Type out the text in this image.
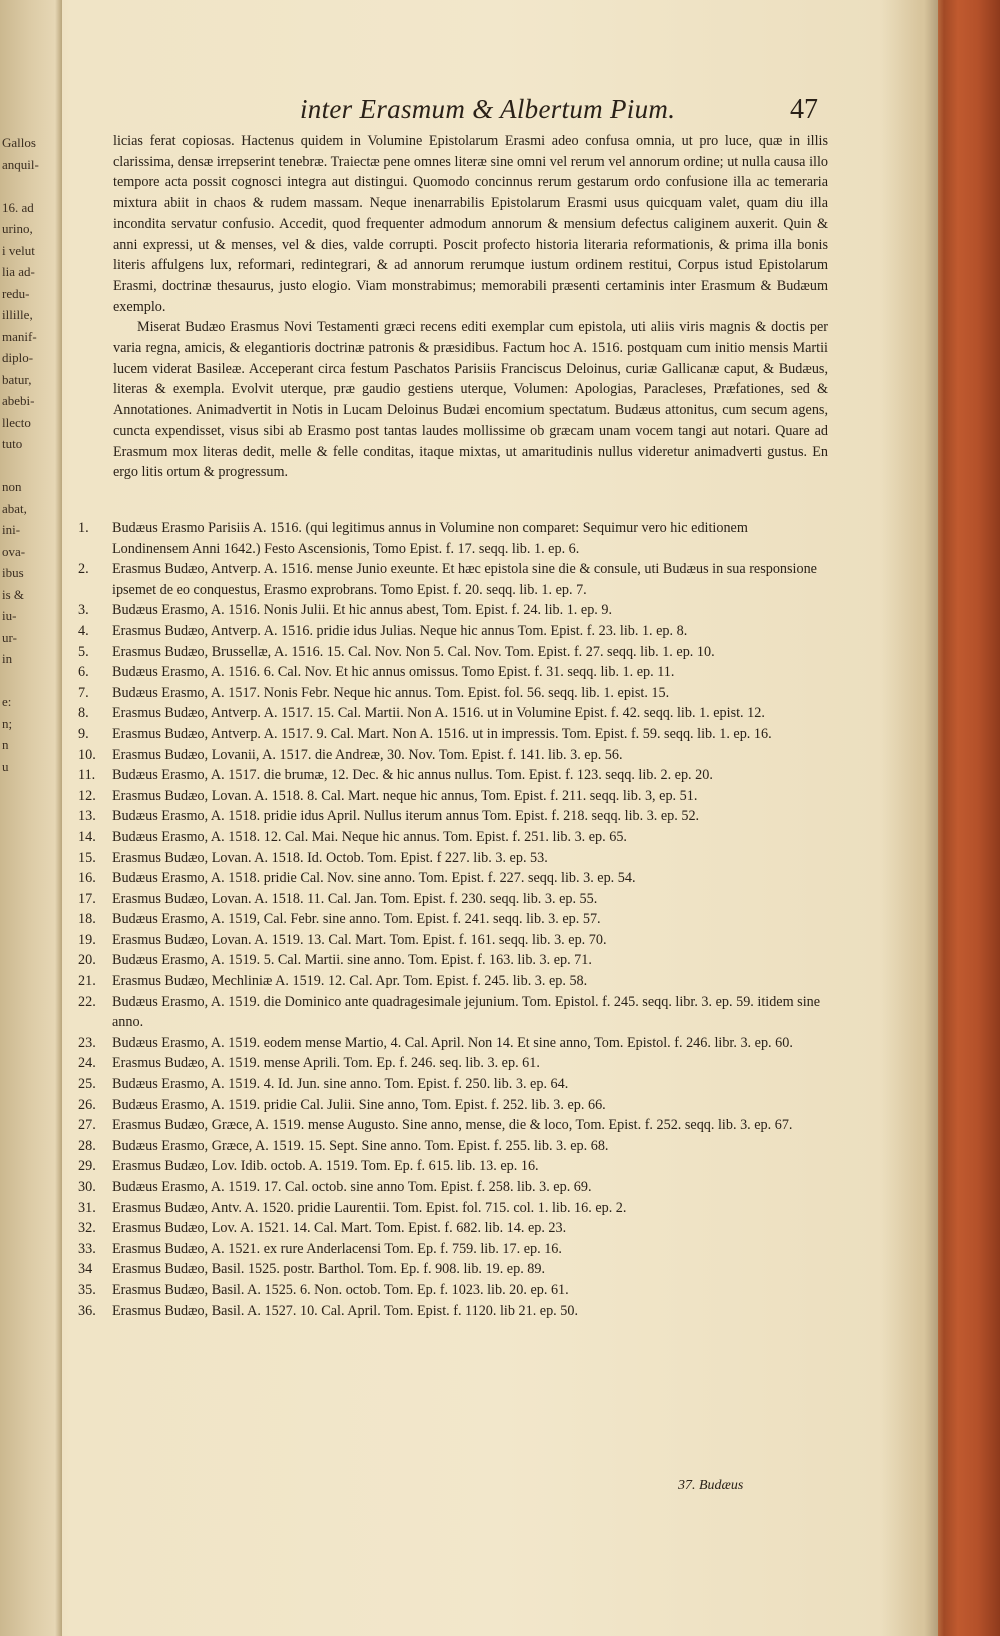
Gallos
anquil-
16. ad
urino,
i velut
lia ad-
redu-
illille,
manif-
diplo-
batur,
abebi-
llecto
tuto
non
abat,
ini-
ova-
ibus
is &
iu-
ur-
in
e:
n;
n
u
inter Erasmum & Albertum Pium.	47

licias ferat copiosas. Hactenus quidem in Volumine Epistolarum Erasmi adeo confusa omnia, ut pro luce, quæ in illis clarissima, densæ irrepserint tenebræ. Traiectæ pene omnes literæ sine omni vel rerum vel annorum ordine; ut nulla causa illo tempore acta possit cognosci integra aut distingui. Quomodo concinnus rerum gestarum ordo confusione illa ac temeraria mixtura abiit in chaos & rudem massam. Neque inenarrabilis Epistolarum Erasmi usus quicquam valet, quam diu illa incondita servatur confusio. Accedit, quod frequenter admodum annorum & mensium defectus caliginem auxerit. Quin & anni expressi, ut & menses, vel & dies, valde corrupti. Poscit profecto historia literaria reformationis, & prima illa bonis literis affulgens lux, reformari, redintegrari, & ad annorum rerumque iustum ordinem restitui, Corpus istud Epistolarum Erasmi, doctrinæ thesaurus, justo elogio. Viam monstrabimus; memorabili præsenti certaminis inter Erasmum & Budæum exemplo.

Miserat Budæo Erasmus Novi Testamenti græci recens editi exemplar cum epistola, uti aliis viris magnis & doctis per varia regna, amicis, & elegantioris doctrinæ patronis & præsidibus. Factum hoc A. 1516. postquam cum initio mensis Martii lucem viderat Basileæ. Acceperant circa festum Paschatos Parisiis Franciscus Deloinus, curiæ Gallicanæ caput, & Budæus, literas & exempla. Evolvit uterque, præ gaudio gestiens uterque, Volumen: Apologias, Paracleses, Præfationes, sed & Annotationes. Animadvertit in Notis in Lucam Deloinus Budæi encomium spectatum. Budæus attonitus, cum secum agens, cuncta expendisset, visus sibi ab Erasmo post tantas laudes mollissime ob græcam unam vocem tangi aut notari. Quare ad Erasmum mox literas dedit, melle & felle conditas, itaque mixtas, ut amaritudinis nullus videretur animadverti gustus. En ergo litis ortum & progressum.

1.	Budæus Erasmo Parisiis A. 1516. (qui legitimus annus in Volumine non comparet: Sequimur vero hic editionem Londinensem Anni 1642.) Festo Ascensionis, Tomo Epist. f. 17. seqq. lib. 1. ep. 6.
2.	Erasmus Budæo, Antverp. A. 1516. mense Junio exeunte. Et hæc epistola sine die & consule, uti Budæus in sua responsione ipsemet de eo conquestus, Erasmo exprobrans. Tomo Epist. f. 20. seqq. lib. 1. ep. 7.
3.	Budæus Erasmo, A. 1516. Nonis Julii. Et hic annus abest, Tom. Epist. f. 24. lib. 1. ep. 9.
4.	Erasmus Budæo, Antverp. A. 1516. pridie idus Julias. Neque hic annus Tom. Epist. f. 23. lib. 1. ep. 8.
5.	Erasmus Budæo, Brussellæ, A. 1516. 15. Cal. Nov. Non 5. Cal. Nov. Tom. Epist. f. 27. seqq. lib. 1. ep. 10.
6.	Budæus Erasmo, A. 1516. 6. Cal. Nov. Et hic annus omissus. Tomo Epist. f. 31. seqq. lib. 1. ep. 11.
7.	Budæus Erasmo, A. 1517. Nonis Febr. Neque hic annus. Tom. Epist. fol. 56. seqq. lib. 1. epist. 15.
8.	Erasmus Budæo, Antverp. A. 1517. 15. Cal. Martii. Non A. 1516. ut in Volumine Epist. f. 42. seqq. lib. 1. epist. 12.
9.	Erasmus Budæo, Antverp. A. 1517. 9. Cal. Mart. Non A. 1516. ut in impressis. Tom. Epist. f. 59. seqq. lib. 1. ep. 16.
10.	Erasmus Budæo, Lovanii, A. 1517. die Andreæ, 30. Nov. Tom. Epist. f. 141. lib. 3. ep. 56.
11.	Budæus Erasmo, A. 1517. die brumæ, 12. Dec. & hic annus nullus. Tom. Epist. f. 123. seqq. lib. 2. ep. 20.
12.	Erasmus Budæo, Lovan. A. 1518. 8. Cal. Mart. neque hic annus, Tom. Epist. f. 211. seqq. lib. 3, ep. 51.
13.	Budæus Erasmo, A. 1518. pridie idus April. Nullus iterum annus Tom. Epist. f. 218. seqq. lib. 3. ep. 52.
14.	Budæus Erasmo, A. 1518. 12. Cal. Mai. Neque hic annus. Tom. Epist. f. 251. lib. 3. ep. 65.
15.	Erasmus Budæo, Lovan. A. 1518. Id. Octob. Tom. Epist. f 227. lib. 3. ep. 53.
16.	Budæus Erasmo, A. 1518. pridie Cal. Nov. sine anno. Tom. Epist. f. 227. seqq. lib. 3. ep. 54.
17.	Erasmus Budæo, Lovan. A. 1518. 11. Cal. Jan. Tom. Epist. f. 230. seqq. lib. 3. ep. 55.
18.	Budæus Erasmo, A. 1519, Cal. Febr. sine anno. Tom. Epist. f. 241. seqq. lib. 3. ep. 57.
19.	Erasmus Budæo, Lovan. A. 1519. 13. Cal. Mart. Tom. Epist. f. 161. seqq. lib. 3. ep. 70.
20.	Budæus Erasmo, A. 1519. 5. Cal. Martii. sine anno. Tom. Epist. f. 163. lib. 3. ep. 71.
21.	Erasmus Budæo, Mechliniæ A. 1519. 12. Cal. Apr. Tom. Epist. f. 245. lib. 3. ep. 58.
22.	Budæus Erasmo, A. 1519. die Dominico ante quadragesimale jejunium. Tom. Epistol. f. 245. seqq. libr. 3. ep. 59. itidem sine anno.
23.	Budæus Erasmo, A. 1519. eodem mense Martio, 4. Cal. April. Non 14. Et sine anno, Tom. Epistol. f. 246. libr. 3. ep. 60.
24.	Erasmus Budæo, A. 1519. mense Aprili. Tom. Ep. f. 246. seq. lib. 3. ep. 61.
25.	Budæus Erasmo, A. 1519. 4. Id. Jun. sine anno. Tom. Epist. f. 250. lib. 3. ep. 64.
26.	Budæus Erasmo, A. 1519. pridie Cal. Julii. Sine anno, Tom. Epist. f. 252. lib. 3. ep. 66.
27.	Erasmus Budæo, Græce, A. 1519. mense Augusto. Sine anno, mense, die & loco, Tom. Epist. f. 252. seqq. lib. 3. ep. 67.
28.	Budæus Erasmo, Græce, A. 1519. 15. Sept. Sine anno. Tom. Epist. f. 255. lib. 3. ep. 68.
29.	Erasmus Budæo, Lov. Idib. octob. A. 1519. Tom. Ep. f. 615. lib. 13. ep. 16.
30.	Budæus Erasmo, A. 1519. 17. Cal. octob. sine anno Tom. Epist. f. 258. lib. 3. ep. 69.
31.	Erasmus Budæo, Antv. A. 1520. pridie Laurentii. Tom. Epist. fol. 715. col. 1. lib. 16. ep. 2.
32.	Erasmus Budæo, Lov. A. 1521. 14. Cal. Mart. Tom. Epist. f. 682. lib. 14. ep. 23.
33.	Erasmus Budæo, A. 1521. ex rure Anderlacensi Tom. Ep. f. 759. lib. 17. ep. 16.
34	Erasmus Budæo, Basil. 1525. postr. Barthol. Tom. Ep. f. 908. lib. 19. ep. 89.
35.	Erasmus Budæo, Basil. A. 1525. 6. Non. octob. Tom. Ep. f. 1023. lib. 20. ep. 61.
36.	Erasmus Budæo, Basil. A. 1527. 10. Cal. April. Tom. Epist. f. 1120. lib 21. ep. 50.
37. Budæus
